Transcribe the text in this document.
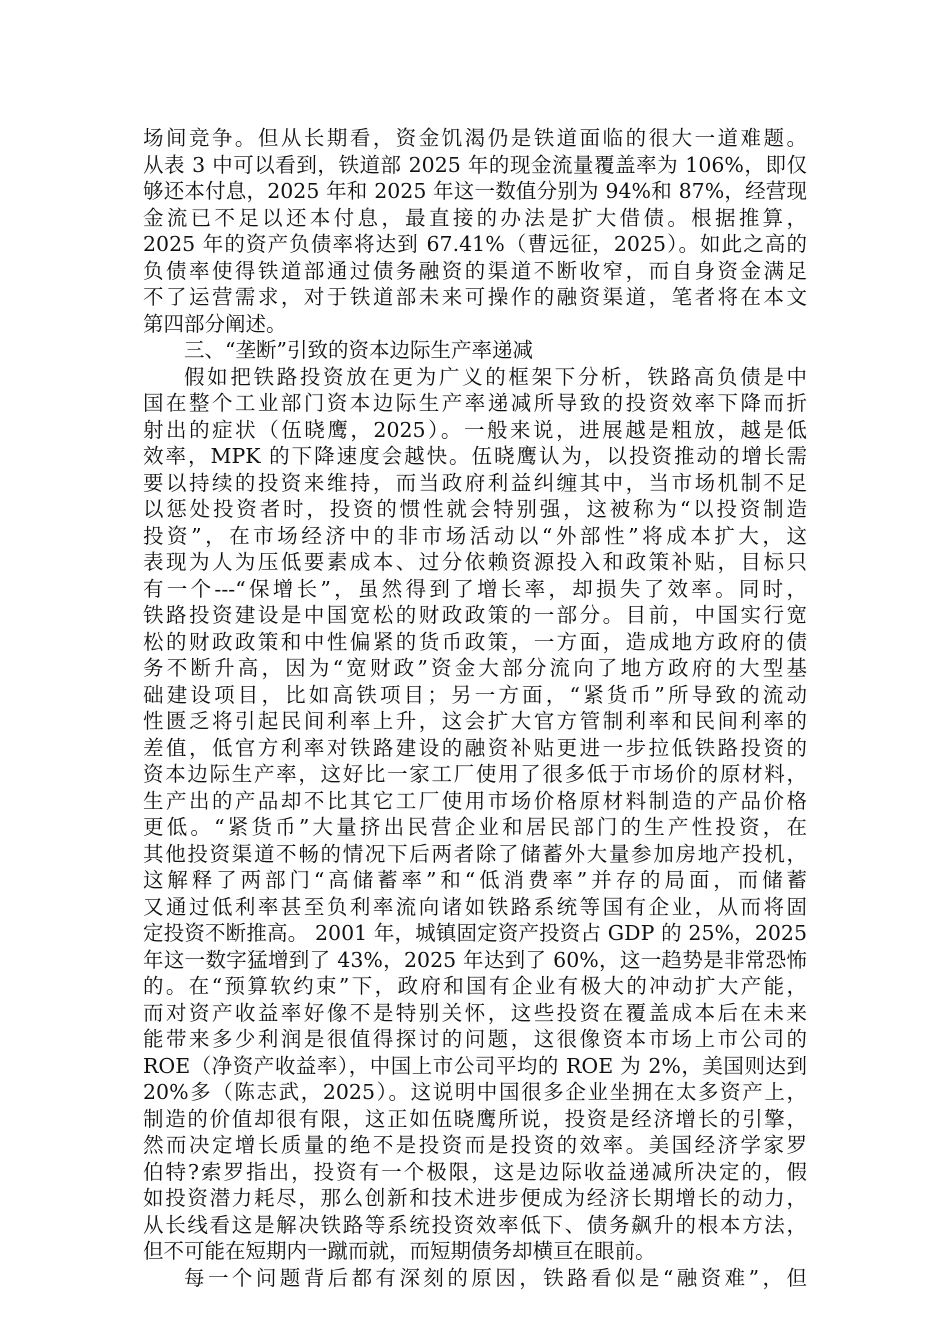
场间竞争。但从长期看，资金饥渴仍是铁道面临的很大一道难题。
从表 3 中可以看到，铁道部 2025 年的现金流量覆盖率为 106%，即仅
够还本付息，2025 年和 2025 年这一数值分别为 94%和 87%，经营现
金流已不足以还本付息，最直接的办法是扩大借债。根据推算，
2025 年的资产负债率将达到 67.41%（曹远征，2025）。如此之高的
负债率使得铁道部通过债务融资的渠道不断收窄，而自身资金满足
不了运营需求，对于铁道部未来可操作的融资渠道，笔者将在本文
第四部分阐述。
三、“垄断”引致的资本边际生产率递减
假如把铁路投资放在更为广义的框架下分析，铁路高负债是中
国在整个工业部门资本边际生产率递减所导致的投资效率下降而折
射出的症状（伍晓鹰，2025）。一般来说，进展越是粗放，越是低
效率，MPK 的下降速度会越快。伍晓鹰认为，以投资推动的增长需
要以持续的投资来维持，而当政府利益纠缠其中，当市场机制不足
以惩处投资者时，投资的惯性就会特别强，这被称为“以投资制造
投资”，在市场经济中的非市场活动以“外部性”将成本扩大，这
表现为人为压低要素成本、过分依赖资源投入和政策补贴，目标只
有一个---“保增长”，虽然得到了增长率，却损失了效率。同时，
铁路投资建设是中国宽松的财政政策的一部分。目前，中国实行宽
松的财政政策和中性偏紧的货币政策，一方面，造成地方政府的债
务不断升高，因为“宽财政”资金大部分流向了地方政府的大型基
础建设项目，比如高铁项目；另一方面，“紧货币”所导致的流动
性匮乏将引起民间利率上升，这会扩大官方管制利率和民间利率的
差值，低官方利率对铁路建设的融资补贴更进一步拉低铁路投资的
资本边际生产率，这好比一家工厂使用了很多低于市场价的原材料，
生产出的产品却不比其它工厂使用市场价格原材料制造的产品价格
更低。“紧货币”大量挤出民营企业和居民部门的生产性投资，在
其他投资渠道不畅的情况下后两者除了储蓄外大量参加房地产投机，
这解释了两部门“高储蓄率”和“低消费率”并存的局面，而储蓄
又通过低利率甚至负利率流向诸如铁路系统等国有企业，从而将固
定投资不断推高。 2001 年，城镇固定资产投资占 GDP 的 25%，2025
年这一数字猛增到了 43%，2025 年达到了 60%，这一趋势是非常恐怖
的。在“预算软约束”下，政府和国有企业有极大的冲动扩大产能，
而对资产收益率好像不是特别关怀，这些投资在覆盖成本后在未来
能带来多少利润是很值得探讨的问题，这很像资本市场上市公司的
ROE（净资产收益率），中国上市公司平均的 ROE 为 2%，美国则达到
20%多（陈志武，2025）。这说明中国很多企业坐拥在太多资产上，
制造的价值却很有限，这正如伍晓鹰所说，投资是经济增长的引擎，
然而决定增长质量的绝不是投资而是投资的效率。美国经济学家罗
伯特?索罗指出，投资有一个极限，这是边际收益递减所决定的，假
如投资潜力耗尽，那么创新和技术进步便成为经济长期增长的动力，
从长线看这是解决铁路等系统投资效率低下、债务飙升的根本方法，
但不可能在短期内一蹴而就，而短期债务却横亘在眼前。
每一个问题背后都有深刻的原因，铁路看似是“融资难”，但
